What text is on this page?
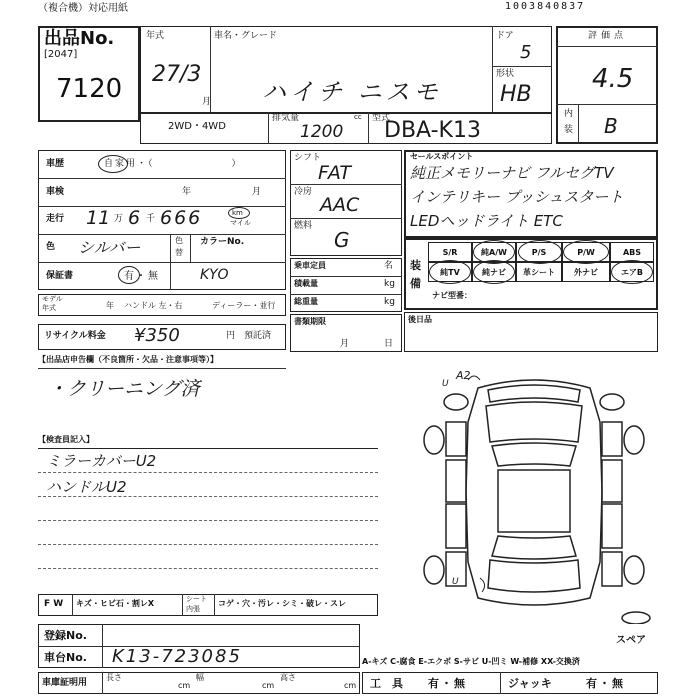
（複合機）対応用紙	1003840837
出品No.
[2047]
7120
年式
27/3
月
車名・グレード
ハイチ ニスモ
ドア
5
形状
HB
評価点
4.5
内
装 B
2WD・4WD
排気量	cc
1200
型式
DBA-K13
車歴	自家用・（　　　　　　　）
車検	年	月
走行 11 万 6 千 666	km
マイル
色 シルバー	色
替
カラーNo.
保証書	有・無	KYO
モデル
年式	年 ハンドル 左・右	ディーラー・並行
リサイクル料金 ¥350	円 預託済
シフト
FAT
冷房
AAC
燃料
G
乗車定員	名
積載量	kg
総重量	kg
書類期限
月	日
セールスポイント
純正メモリーナビ フルセグTV
インテリキー プッシュスタート
LEDヘッドライト ETC
装
備
S/R	純A/W	P/S	P/W	ABS
純TV	純ナビ	革シート	外ナビ	エアB
ナビ型番：
後日品
【出品店申告欄（不良箇所・欠品・注意事項等）】
・クリーニング済
【検査員記入】
ミラーカバーU2
ハンドルU2
A2
U
U
スペア
F W キズ・ヒビ石・割レX	シート
内張
コゲ・穴・汚レ・シミ・破レ・スレ
登録No.
車台No. K13-723085	A-キズ C-腐食 E-エクボ S-サビ U-凹ミ W-補修 XX-交換済
車庫証明用
長さ
cm
幅
cm
高さ
cm 工　具 有・無	ジャッキ	有・無
